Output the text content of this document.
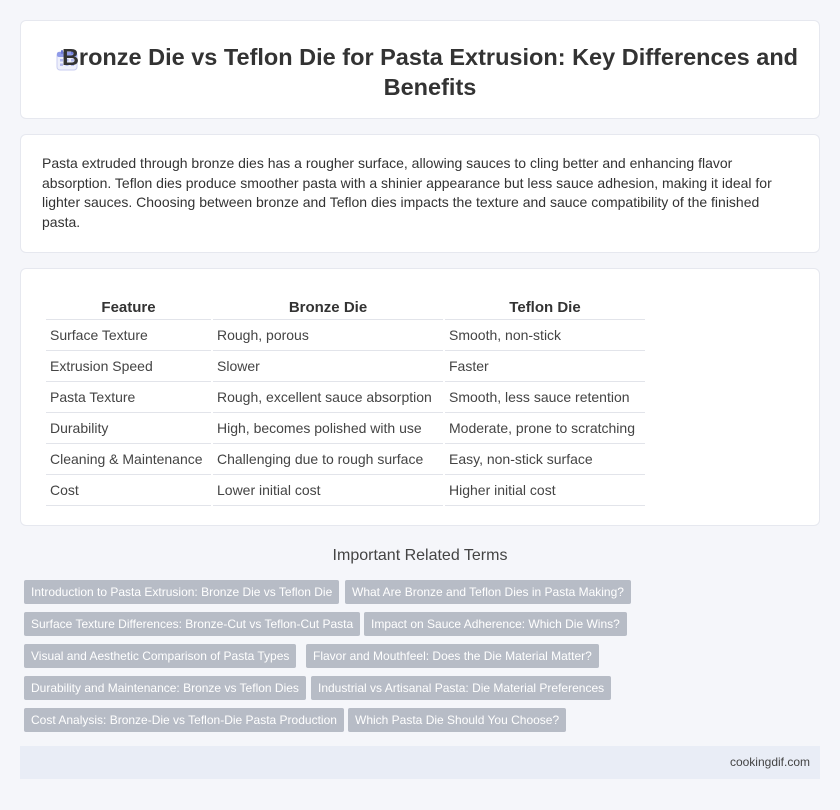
Bronze Die vs Teflon Die for Pasta Extrusion: Key Differences and Benefits

Pasta extruded through bronze dies has a rougher surface, allowing sauces to cling better and enhancing flavor absorption. Teflon dies produce smoother pasta with a shinier appearance but less sauce adhesion, making it ideal for lighter sauces. Choosing between bronze and Teflon dies impacts the texture and sauce compatibility of the finished pasta.

Feature	Bronze Die	Teflon Die
Surface Texture	Rough, porous	Smooth, non-stick
Extrusion Speed	Slower	Faster
Pasta Texture	Rough, excellent sauce absorption	Smooth, less sauce retention
Durability	High, becomes polished with use	Moderate, prone to scratching
Cleaning & Maintenance	Challenging due to rough surface	Easy, non-stick surface
Cost	Lower initial cost	Higher initial cost
Important Related Terms
Introduction to Pasta Extrusion: Bronze Die vs Teflon Die	What Are Bronze and Teflon Dies in Pasta Making?
Surface Texture Differences: Bronze-Cut vs Teflon-Cut Pasta	Impact on Sauce Adherence: Which Die Wins?
Visual and Aesthetic Comparison of Pasta Types	Flavor and Mouthfeel: Does the Die Material Matter?
Durability and Maintenance: Bronze vs Teflon Dies	Industrial vs Artisanal Pasta: Die Material Preferences
Cost Analysis: Bronze-Die vs Teflon-Die Pasta Production	Which Pasta Die Should You Choose?
cookingdif.com
